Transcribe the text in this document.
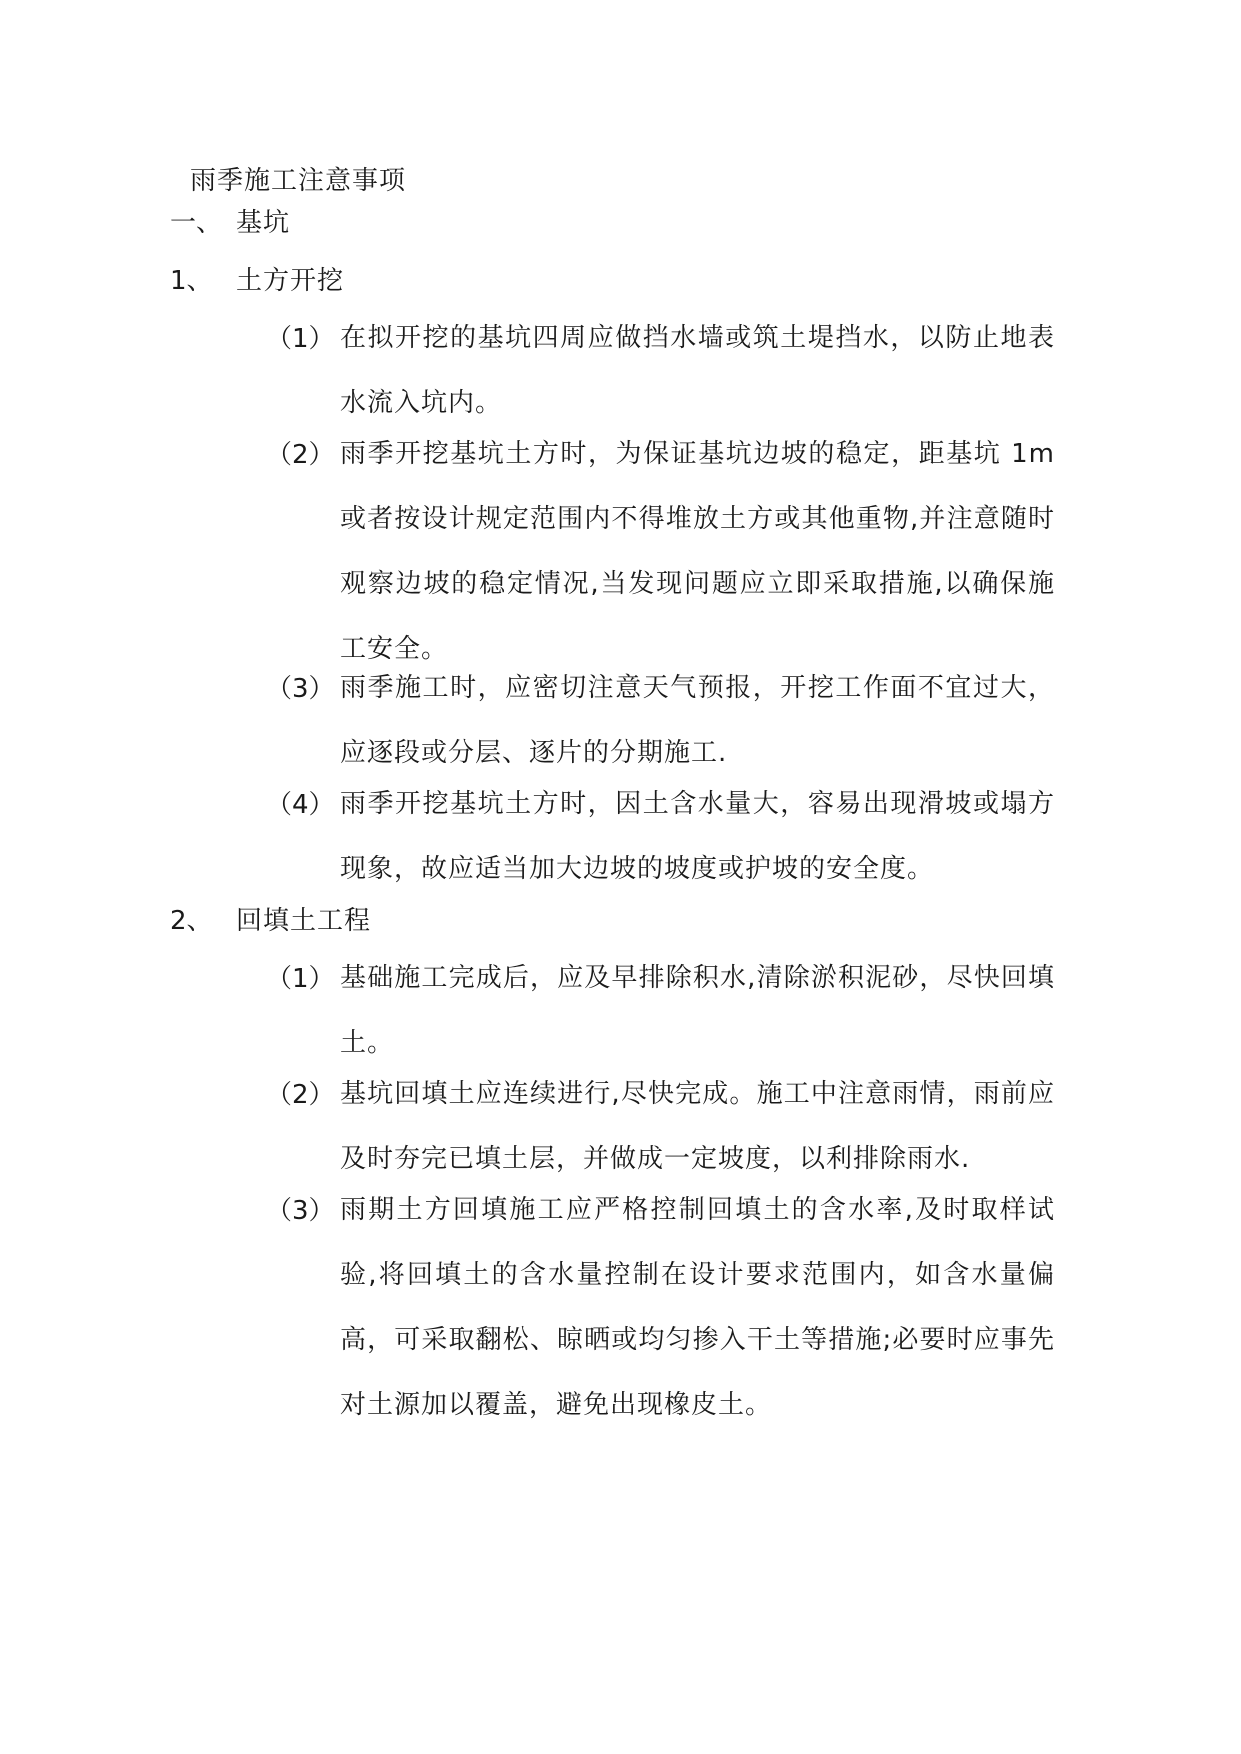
雨季施工注意事项
一、 基坑
1、 土方开挖
（1） 在拟开挖的基坑四周应做挡水墙或筑土堤挡水，以防止地表水流入坑内。

（2） 雨季开挖基坑土方时，为保证基坑边坡的稳定，距基坑 1m 或者按设计规定范围内不得堆放土方或其他重物,并注意随时观察边坡的稳定情况,当发现问题应立即采取措施,以确保施工安全。

（3） 雨季施工时，应密切注意天气预报，开挖工作面不宜过大，应逐段或分层、逐片的分期施工.

（4） 雨季开挖基坑土方时，因土含水量大，容易出现滑坡或塌方现象，故应适当加大边坡的坡度或护坡的安全度。

2、 回填土工程
（1） 基础施工完成后，应及早排除积水,清除淤积泥砂，尽快回填土。

（2） 基坑回填土应连续进行,尽快完成。施工中注意雨情，雨前应及时夯完已填土层，并做成一定坡度，以利排除雨水.

（3） 雨期土方回填施工应严格控制回填土的含水率,及时取样试验,将回填土的含水量控制在设计要求范围内，如含水量偏高，可采取翻松、晾晒或均匀掺入干土等措施;必要时应事先对土源加以覆盖，避免出现橡皮土。
